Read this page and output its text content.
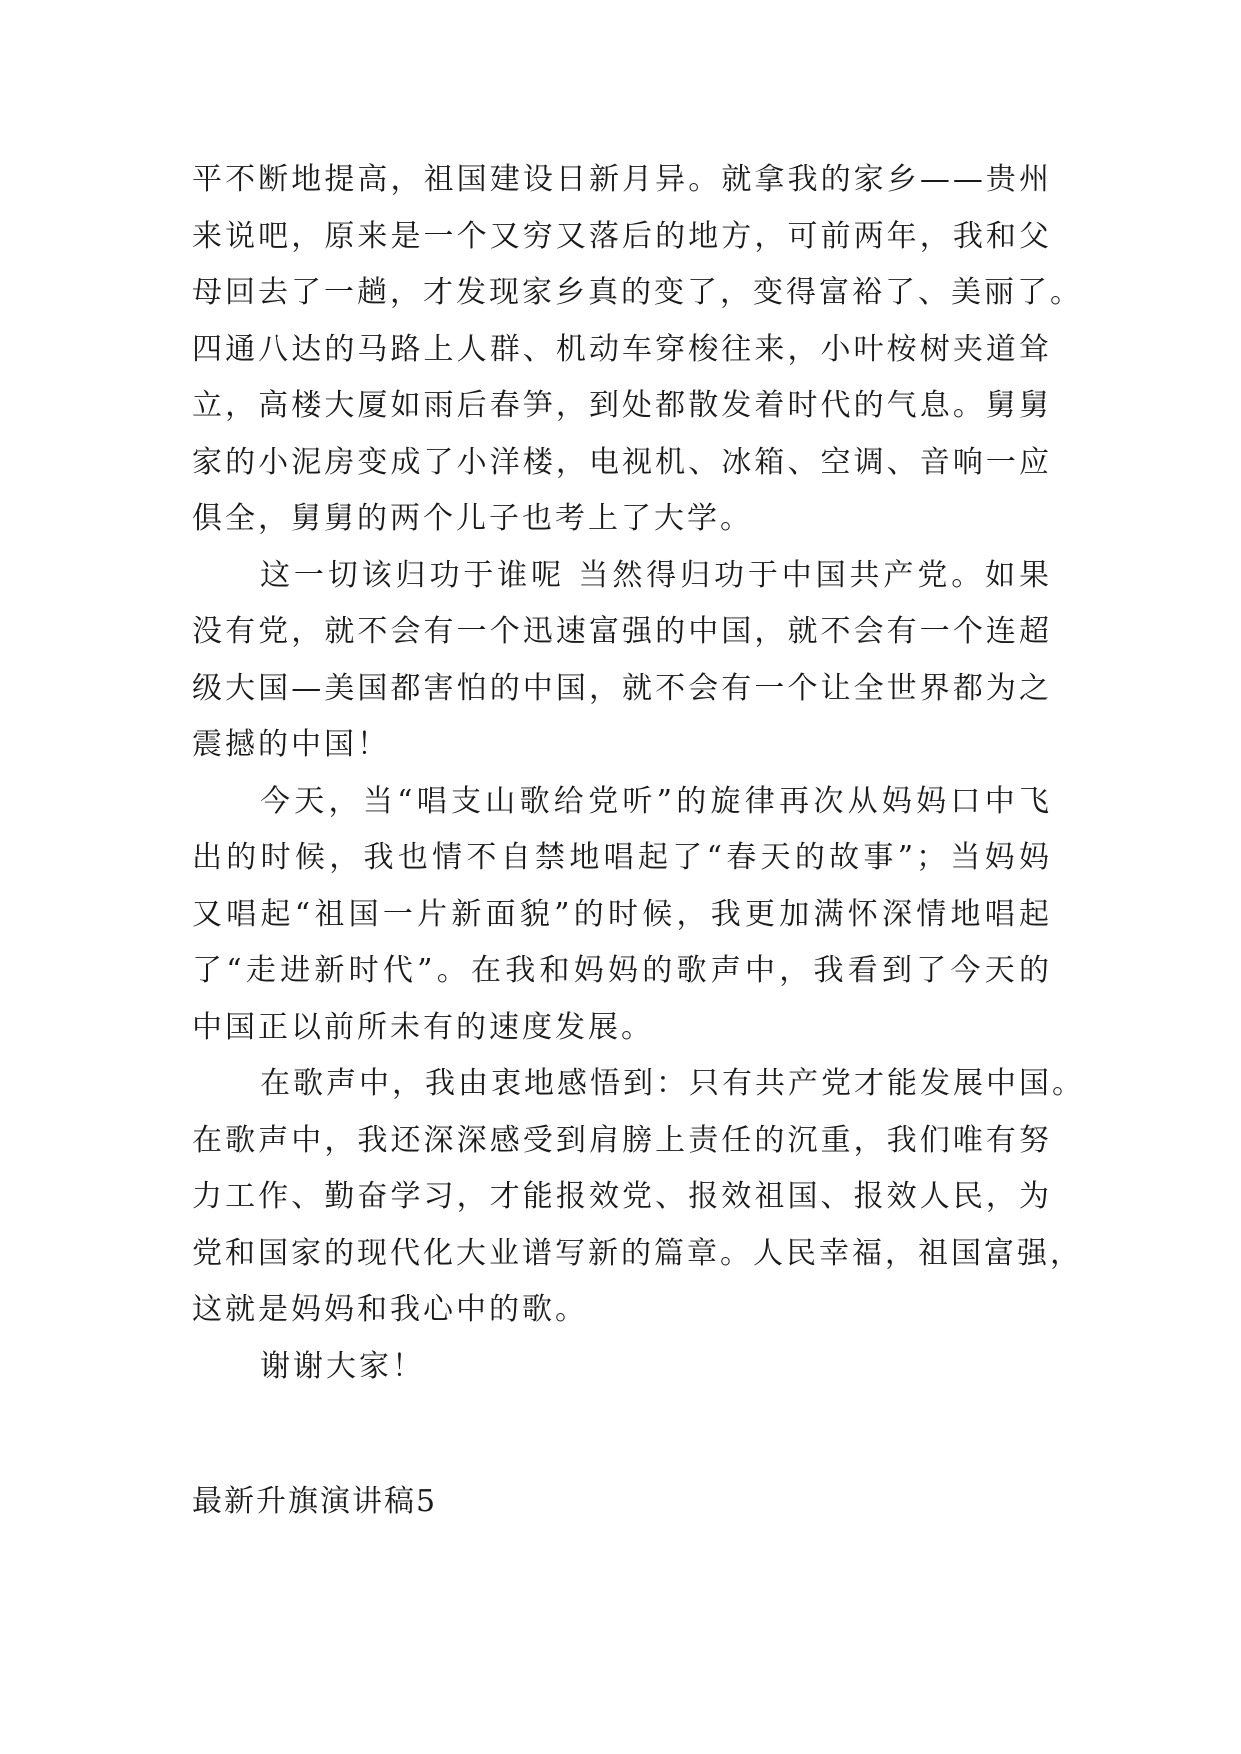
平不断地提高，祖国建设日新月异。就拿我的家乡——贵州
来说吧，原来是一个又穷又落后的地方，可前两年，我和父
母回去了一趟，才发现家乡真的变了，变得富裕了、美丽了。
四通八达的马路上人群、机动车穿梭往来，小叶桉树夹道耸
立，高楼大厦如雨后春笋，到处都散发着时代的气息。舅舅
家的小泥房变成了小洋楼，电视机、冰箱、空调、音响一应
俱全，舅舅的两个儿子也考上了大学。
这一切该归功于谁呢 当然得归功于中国共产党。如果
没有党，就不会有一个迅速富强的中国，就不会有一个连超
级大国—美国都害怕的中国，就不会有一个让全世界都为之
震撼的中国！
今天，当“唱支山歌给党听”的旋律再次从妈妈口中飞
出的时候，我也情不自禁地唱起了“春天的故事”；当妈妈
又唱起“祖国一片新面貌”的时候，我更加满怀深情地唱起
了“走进新时代”。在我和妈妈的歌声中，我看到了今天的
中国正以前所未有的速度发展。
在歌声中，我由衷地感悟到：只有共产党才能发展中国。
在歌声中，我还深深感受到肩膀上责任的沉重，我们唯有努
力工作、勤奋学习，才能报效党、报效祖国、报效人民，为
党和国家的现代化大业谱写新的篇章。人民幸福，祖国富强，
这就是妈妈和我心中的歌。
谢谢大家！
最新升旗演讲稿5
